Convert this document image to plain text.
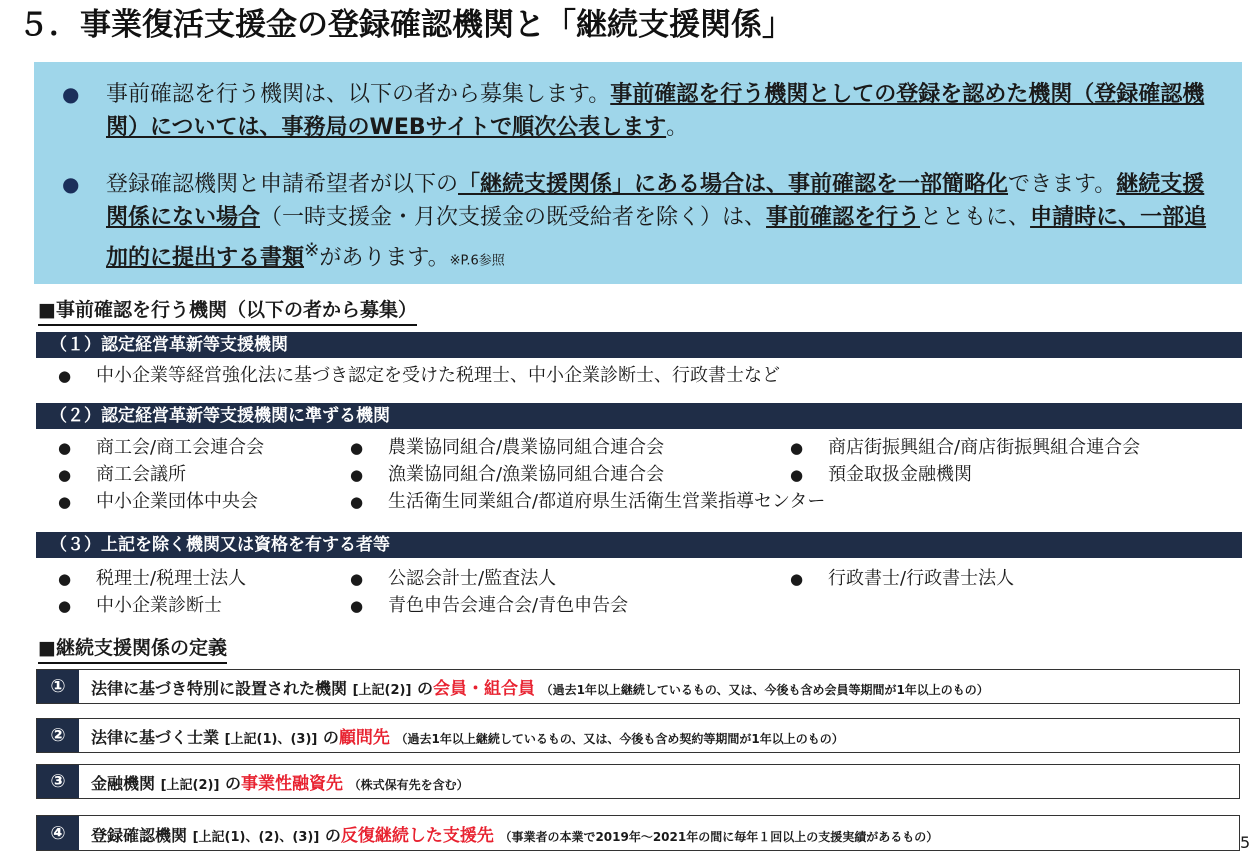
５．事業復活支援金の登録確認機関と「継続支援関係」
● 事前確認を行う機関は、以下の者から募集します。事前確認を行う機関としての登録を認めた機関（登録確認機関）については、事務局のWEBサイトで順次公表します。
● 登録確認機関と申請希望者が以下の「継続支援関係」にある場合は、事前確認を一部簡略化できます。継続支援関係にない場合（一時支援金・月次支援金の既受給者を除く）は、事前確認を行うとともに、申請時に、一部追加的に提出する書類※があります。※P.6参照
■事前確認を行う機関（以下の者から募集）
（１）認定経営革新等支援機関
● 中小企業等経営強化法に基づき認定を受けた税理士、中小企業診断士、行政書士など
（２）認定経営革新等支援機関に準ずる機関
● 商工会/商工会連合会	● 農業協同組合/農業協同組合連合会	● 商店街振興組合/商店街振興組合連合会
● 商工会議所	● 漁業協同組合/漁業協同組合連合会	● 預金取扱金融機関
● 中小企業団体中央会	● 生活衛生同業組合/都道府県生活衛生営業指導センター
（３）上記を除く機関又は資格を有する者等
● 税理士/税理士法人	● 公認会計士/監査法人	● 行政書士/行政書士法人
● 中小企業診断士	● 青色申告会連合会/青色申告会
■継続支援関係の定義
①	法律に基づき特別に設置された機関 [上記(2)] の会員・組合員 （過去1年以上継続しているもの、又は、今後も含め会員等期間が1年以上のもの）
②	法律に基づく士業 [上記(1)、(3)] の顧問先 （過去1年以上継続しているもの、又は、今後も含め契約等期間が1年以上のもの）
③	金融機関 [上記(2)] の事業性融資先 （株式保有先を含む）
④	登録確認機関 [上記(1)、(2)、(3)] の反復継続した支援先 （事業者の本業で2019年～2021年の間に毎年１回以上の支援実績があるもの）	5
